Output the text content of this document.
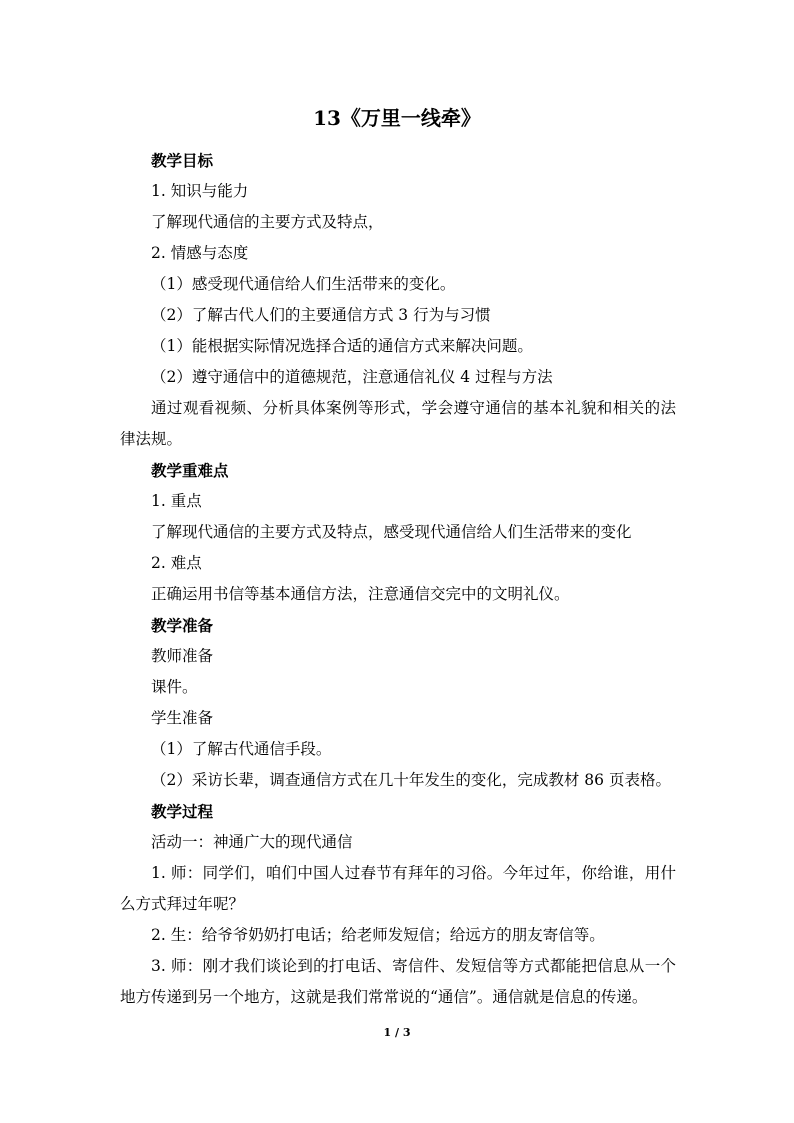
13《万里一线牵》

教学目标

1. 知识与能力

了解现代通信的主要方式及特点，

2. 情感与态度

（1）感受现代通信给人们生活带来的变化。

（2）了解古代人们的主要通信方式 3 行为与习惯

（1）能根据实际情况选择合适的通信方式来解决问题。

（2）遵守通信中的道德规范，注意通信礼仪 4 过程与方法

通过观看视频、分析具体案例等形式，学会遵守通信的基本礼貌和相关的法律法规。

教学重难点

1. 重点

了解现代通信的主要方式及特点，感受现代通信给人们生活带来的变化

2. 难点

正确运用书信等基本通信方法，注意通信交完中的文明礼仪。

教学准备

教师准备

课件。

学生准备

（1）了解古代通信手段。

（2）采访长辈，调查通信方式在几十年发生的变化，完成教材 86 页表格。

教学过程

活动一：神通广大的现代通信

1. 师：同学们，咱们中国人过春节有拜年的习俗。今年过年，你给谁，用什么方式拜过年呢？

2. 生：给爷爷奶奶打电话；给老师发短信；给远方的朋友寄信等。

3. 师：刚才我们谈论到的打电话、寄信件、发短信等方式都能把信息从一个地方传递到另一个地方，这就是我们常常说的“通信”。通信就是信息的传递。

1 / 3
